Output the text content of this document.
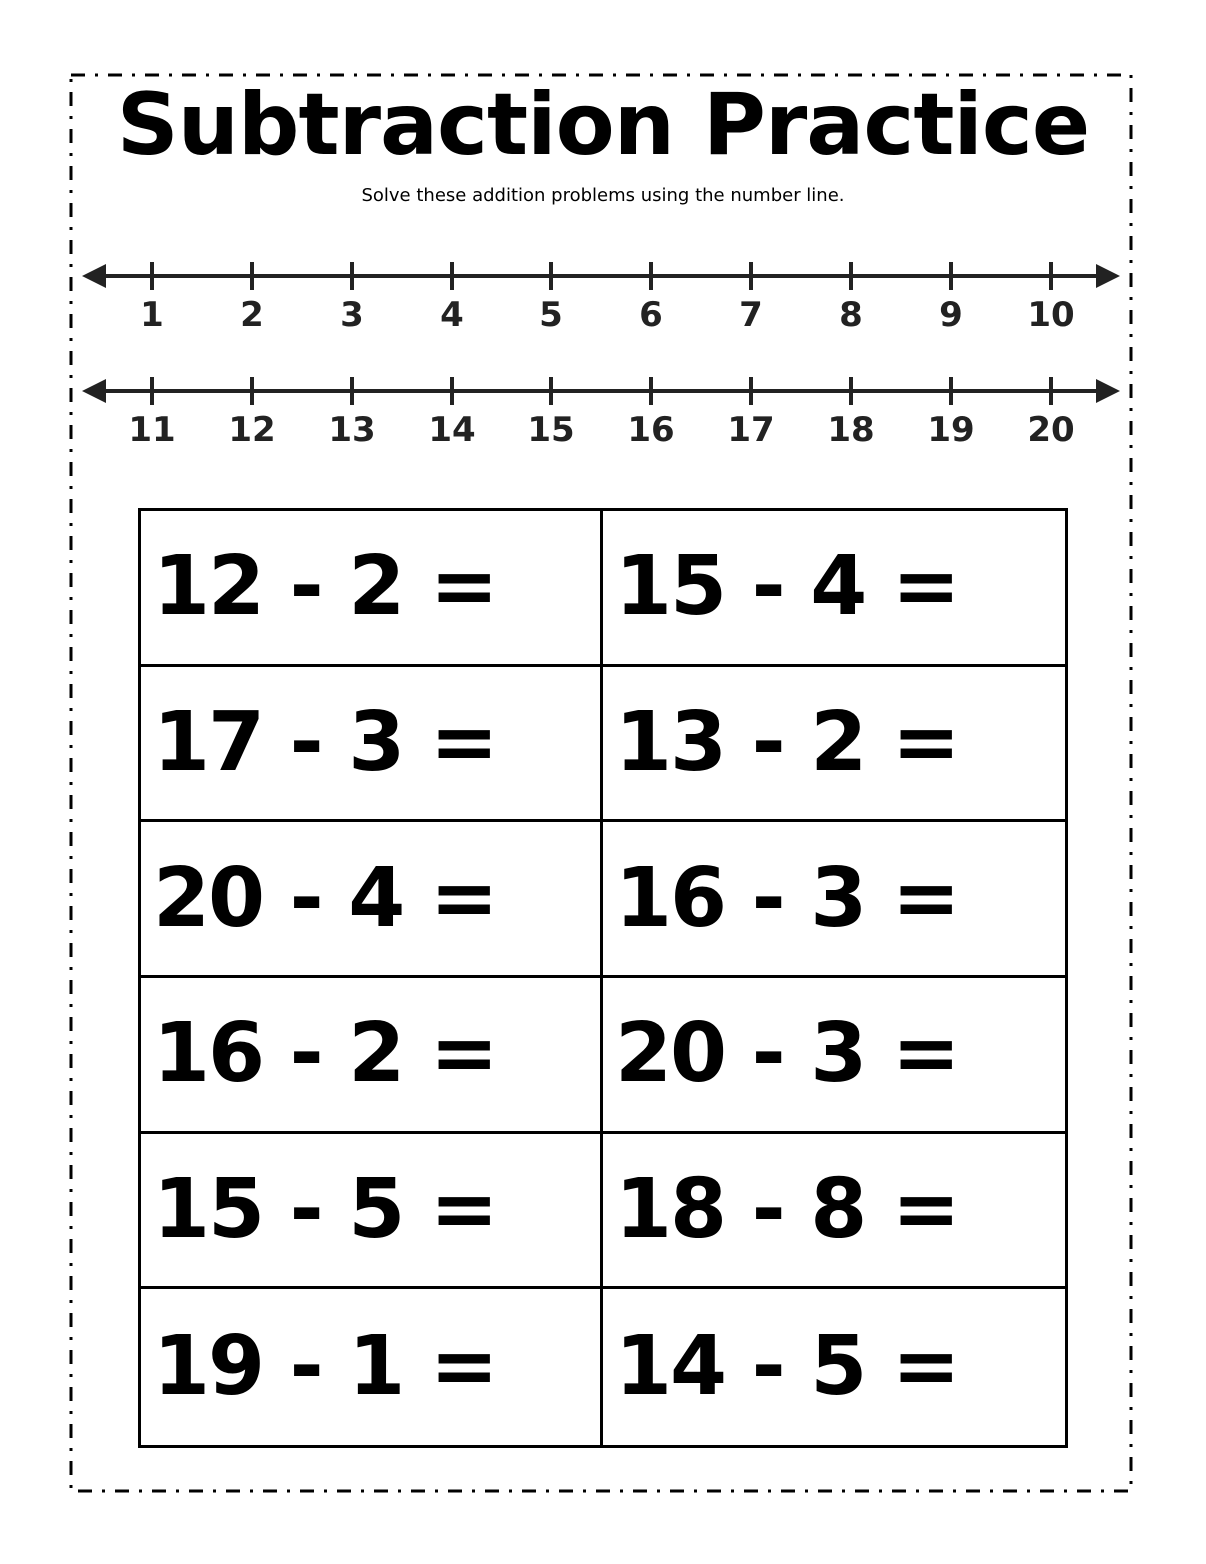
Subtraction Practice
Solve these addition problems using the number line.
1	2	3	4	5	6	7	8	9	10
11	12	13	14	15	16	17	18	19	20
12 - 2 = 15 - 4 =
17 - 3 = 13 - 2 =
20 - 4 = 16 - 3 =
16 - 2 = 20 - 3 =
15 - 5 = 18 - 8 =
19 - 1 = 14 - 5 =
